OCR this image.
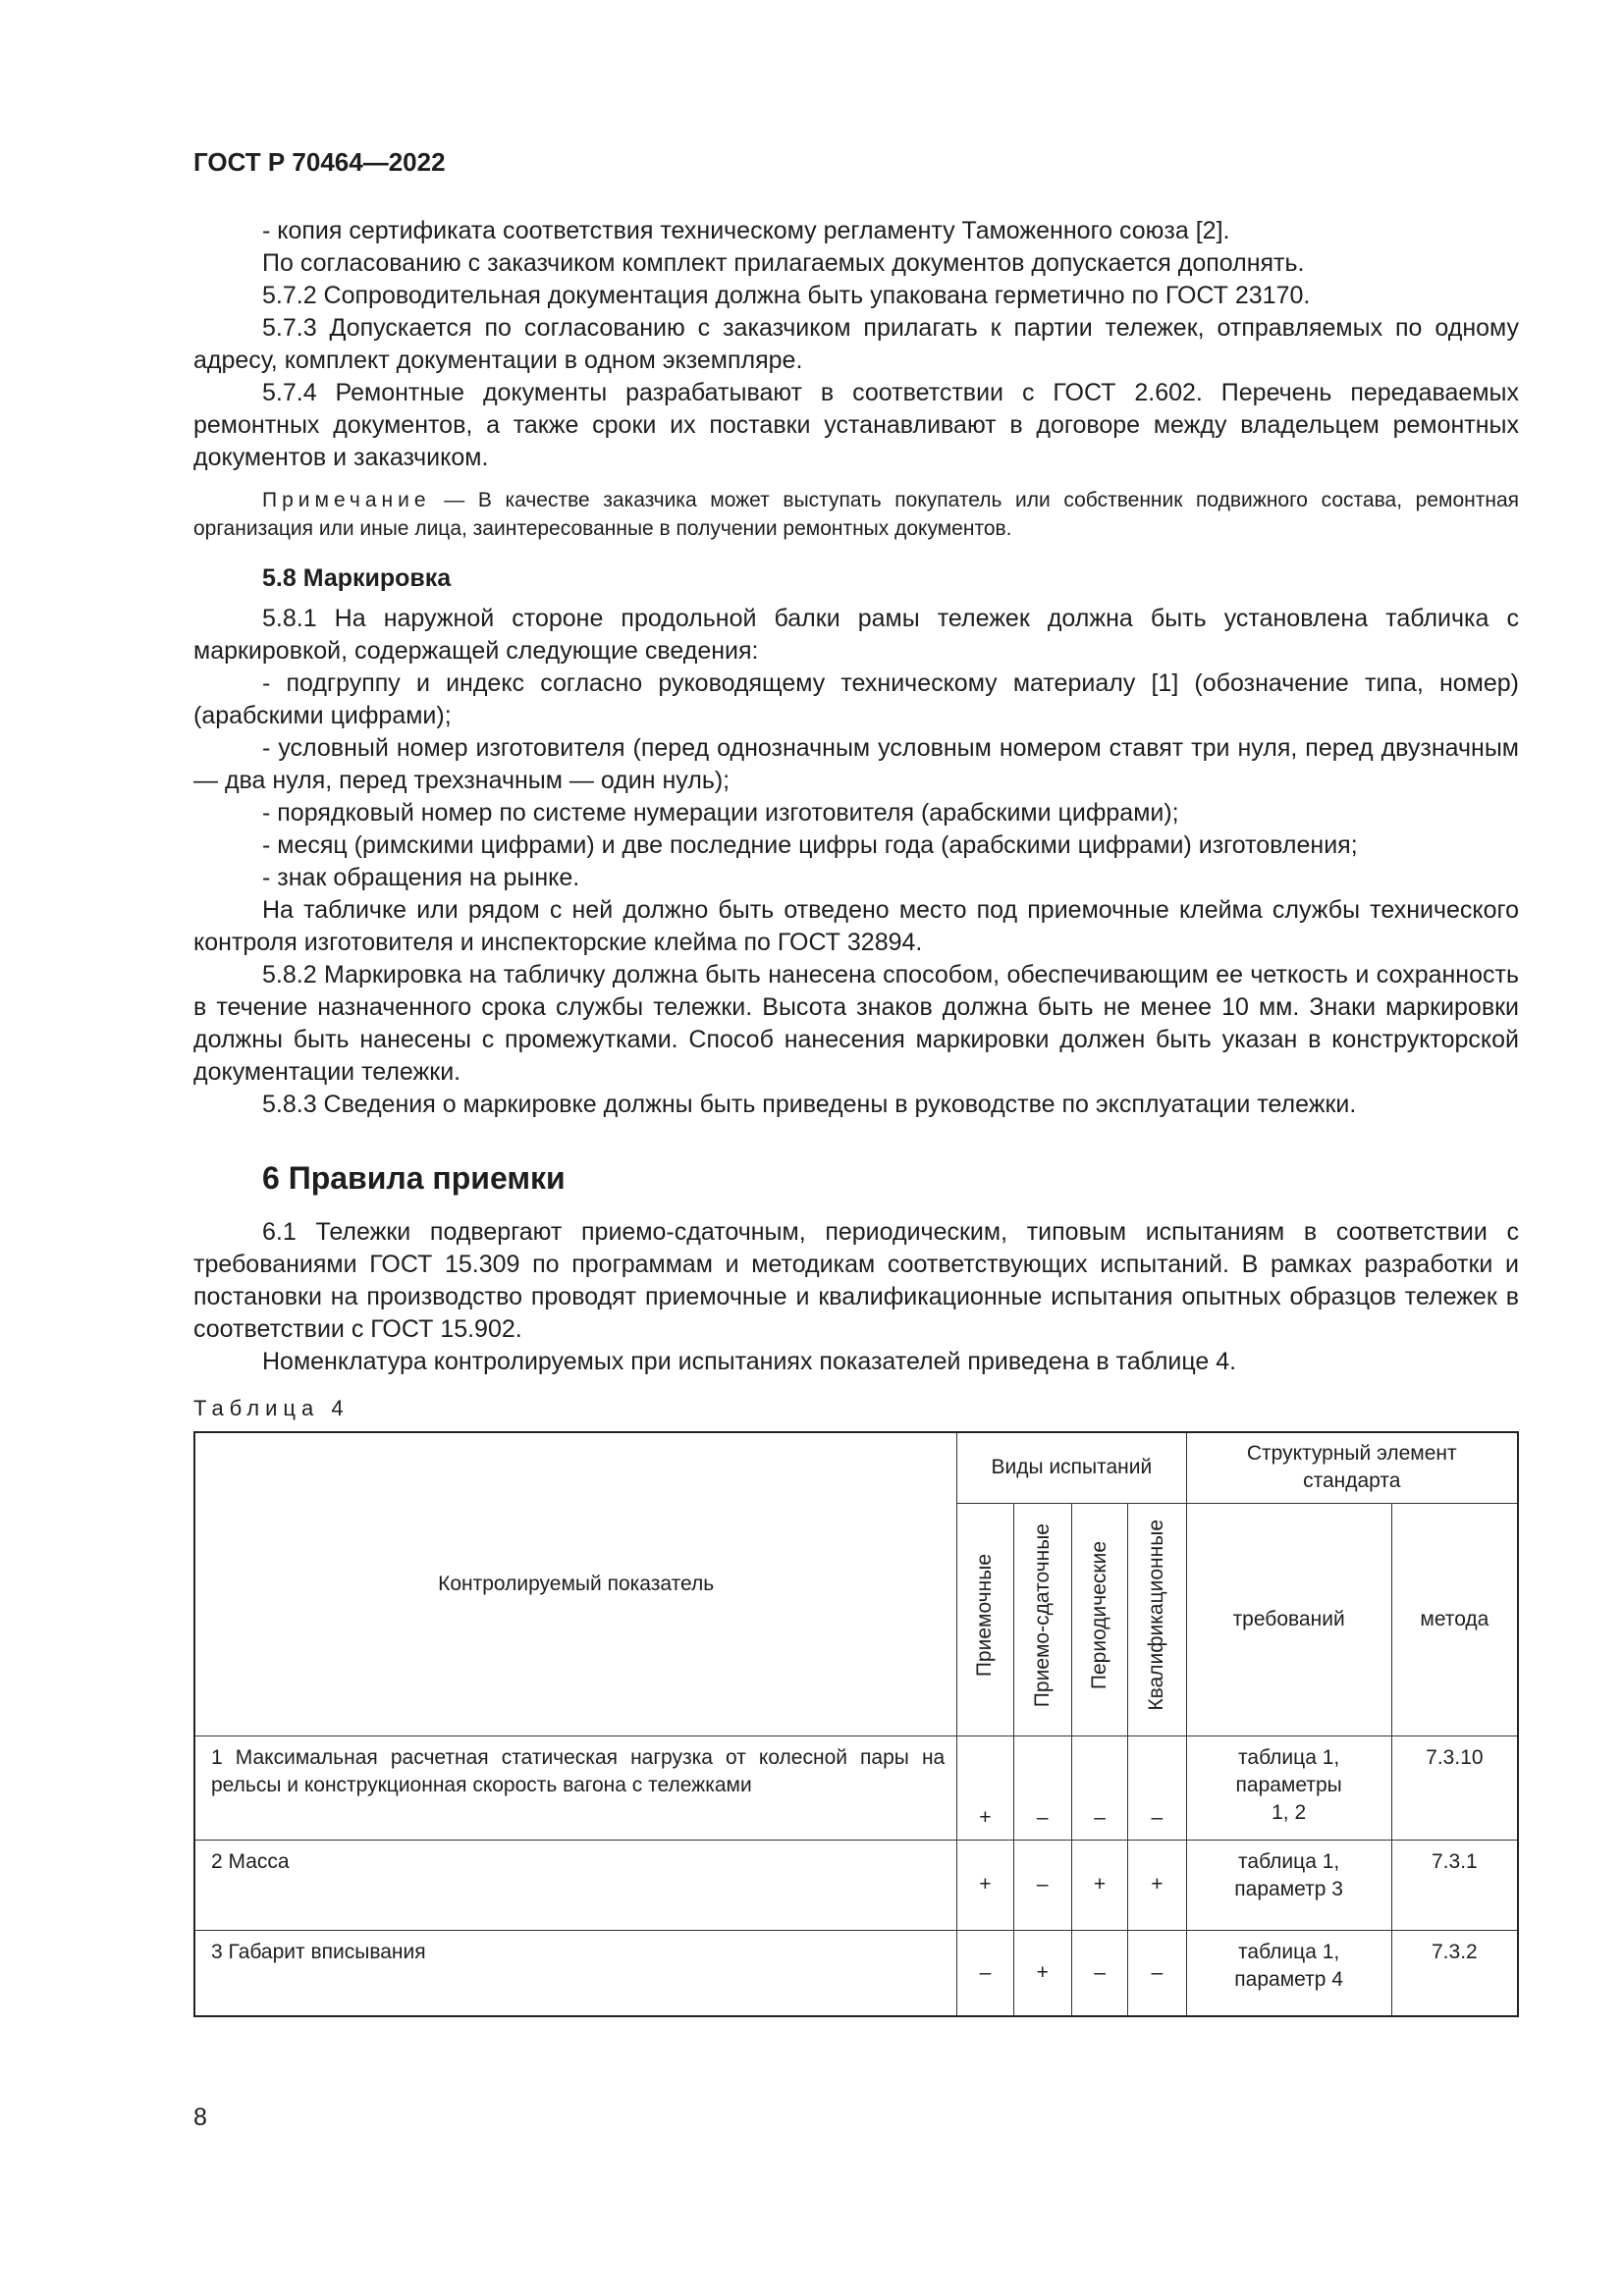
ГОСТ Р 70464—2022

- копия сертификата соответствия техническому регламенту Таможенного союза [2].

По согласованию с заказчиком комплект прилагаемых документов допускается дополнять.

5.7.2 Сопроводительная документация должна быть упакована герметично по ГОСТ 23170.

5.7.3 Допускается по согласованию с заказчиком прилагать к партии тележек, отправляемых по одному адресу, комплект документации в одном экземпляре.

5.7.4 Ремонтные документы разрабатывают в соответствии с ГОСТ 2.602. Перечень передаваемых ремонтных документов, а также сроки их поставки устанавливают в договоре между владельцем ремонтных документов и заказчиком.

Примечание — В качестве заказчика может выступать покупатель или собственник подвижного состава, ремонтная организация или иные лица, заинтересованные в получении ремонтных документов.
5.8 Маркировка

5.8.1 На наружной стороне продольной балки рамы тележек должна быть установлена табличка с маркировкой, содержащей следующие сведения:

- подгруппу и индекс согласно руководящему техническому материалу [1] (обозначение типа, номер) (арабскими цифрами);

- условный номер изготовителя (перед однозначным условным номером ставят три нуля, перед двузначным — два нуля, перед трехзначным — один нуль);

- порядковый номер по системе нумерации изготовителя (арабскими цифрами);

- месяц (римскими цифрами) и две последние цифры года (арабскими цифрами) изготовления;

- знак обращения на рынке.

На табличке или рядом с ней должно быть отведено место под приемочные клейма службы технического контроля изготовителя и инспекторские клейма по ГОСТ 32894.

5.8.2 Маркировка на табличку должна быть нанесена способом, обеспечивающим ее четкость и сохранность в течение назначенного срока службы тележки. Высота знаков должна быть не менее 10 мм. Знаки маркировки должны быть нанесены с промежутками. Способ нанесения маркировки должен быть указан в конструкторской документации тележки.

5.8.3 Сведения о маркировке должны быть приведены в руководстве по эксплуатации тележки.

6 Правила приемки

6.1 Тележки подвергают приемо-сдаточным, периодическим, типовым испытаниям в соответствии с требованиями ГОСТ 15.309 по программам и методикам соответствующих испытаний. В рамках разработки и постановки на производство проводят приемочные и квалификационные испытания опытных образцов тележек в соответствии с ГОСТ 15.902.

Номенклатура контролируемых при испытаниях показателей приведена в таблице 4.

Таблица 4
Контролируемый показатель	Виды испытаний				Структурный элемент стандарта	
	Приемочные	Приемо-сдаточные	Периодические	Квалификационные	требований	метода
1 Максимальная расчетная статическая нагрузка от колесной пары на рельсы и конструкционная скорость вагона с тележками	+	–	–	–	таблица 1, параметры 1, 2	7.3.10
2 Масса	+	–	+	+	таблица 1, параметр 3	7.3.1
3 Габарит вписывания	–	+	–	–	таблица 1, параметр 4	7.3.2
8
